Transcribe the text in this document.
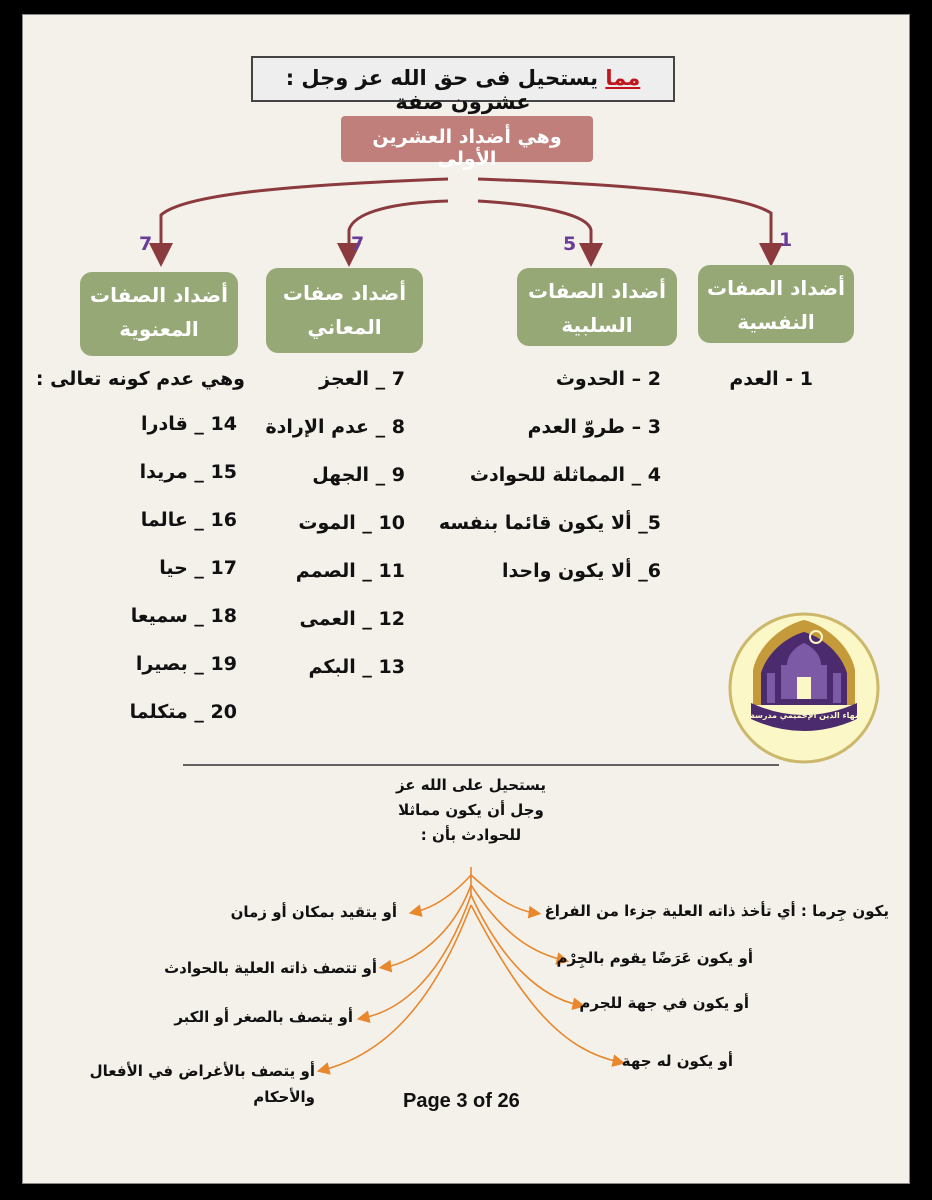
مما يستحيل فى حق الله عز وجل : عشرون صفة
وهي أضداد العشرين الأولى
1
5
7
7
أضداد الصفات
النفسية
أضداد الصفات
السلبية
أضداد صفات
المعاني
أضداد الصفات
المعنوية
1 - العدم
2 – الحدوث
3 – طروّ العدم
4 _ المماثلة للحوادث
5_ ألا يكون قائما بنفسه
6_ ألا يكون واحدا
7 _ العجز
8 _ عدم الإرادة
9 _ الجهل
10 _ الموت
11 _ الصمم
12 _ العمى
13 _ البكم
وهي عدم كونه تعالى :
14 _ قادرا
15 _ مريدا
16 _ عالما
17 _ حيا
18 _ سميعا
19 _ بصيرا
20 _ متكلما
يستحيل على الله عز
وجل أن يكون مماثلا
للحوادث بأن :
يكون جِرما : أي تأخذ ذاته العلية جزءا من الفراغ
أو يكون عَرَضًا يقوم بالجِرْم
أو يكون في جهة للجرم
أو يكون له جهة
أو يتقيد بمكان أو زمان
أو تتصف ذاته العلية بالحوادث
أو يتصف بالصغر أو الكبر
أو يتصف بالأغراض في الأفعال
والأحكام
بهاء الدين الإخميمي مدرسة
Page 3 of 26
